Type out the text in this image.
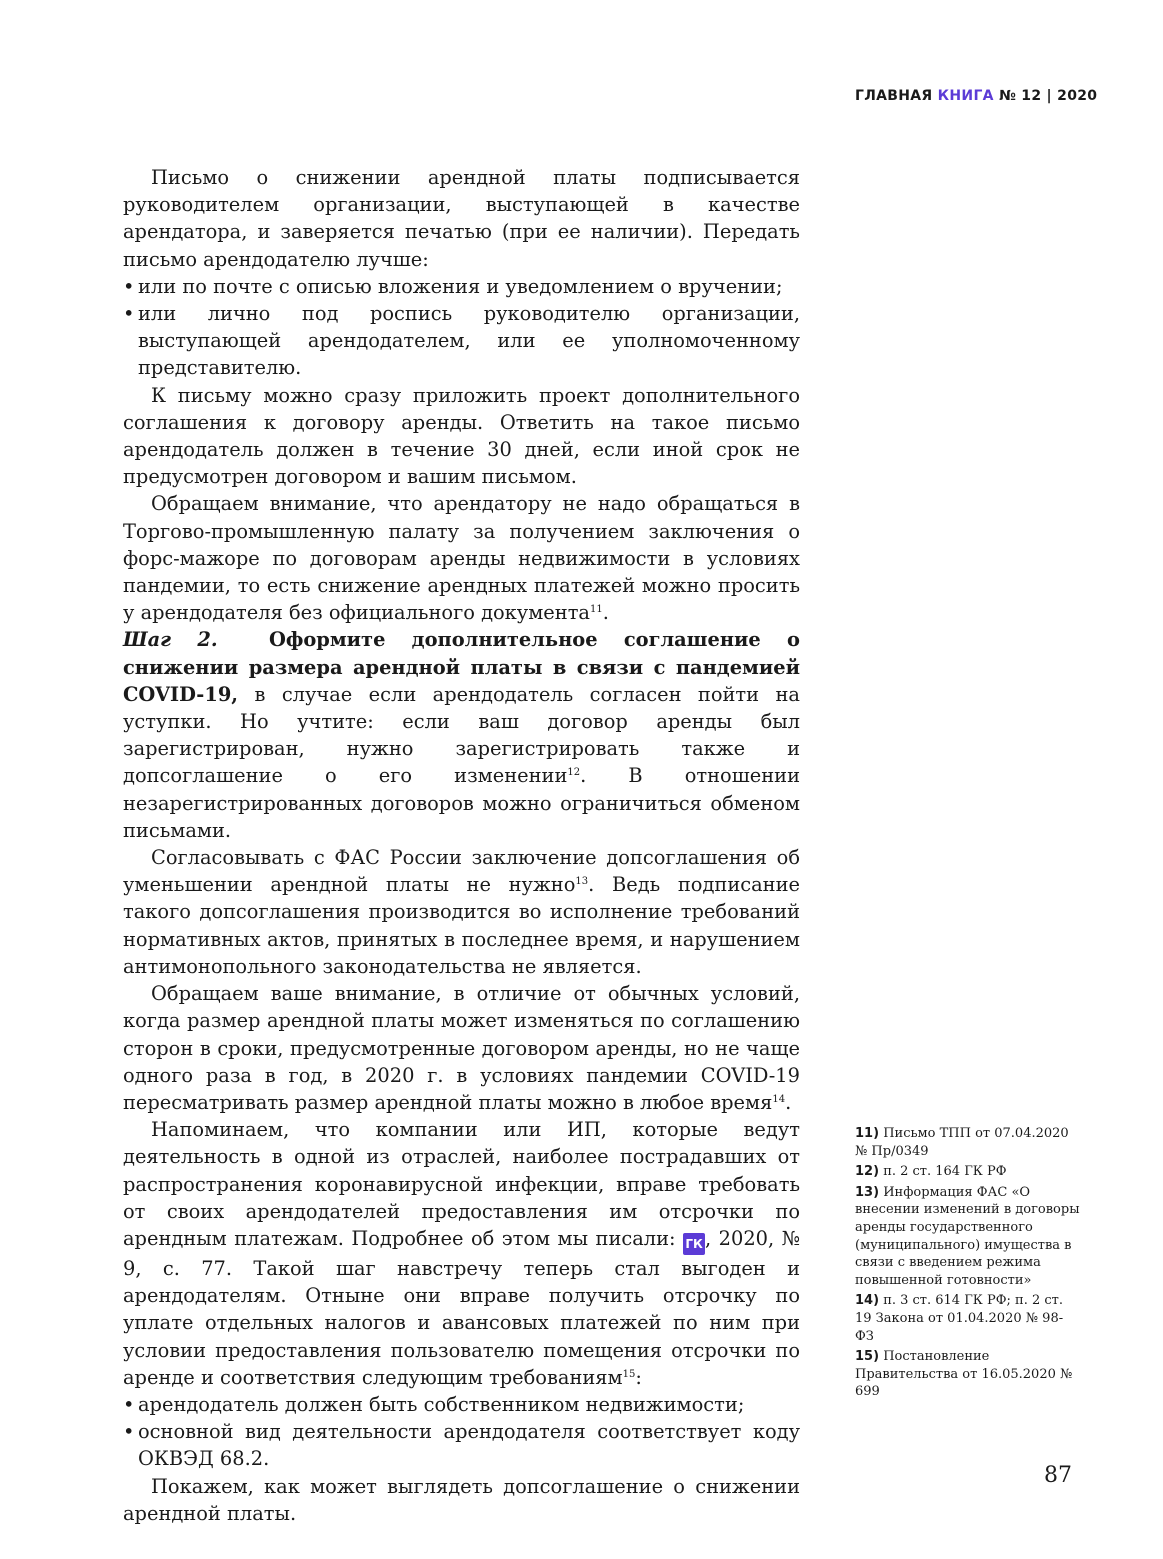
ГЛАВНАЯ КНИГА № 12 | 2020

Письмо о снижении арендной платы подписывается руководителем организации, выступающей в качестве арендатора, и заверяется печатью (при ее наличии). Передать письмо арендодателю лучше:

• или по почте с описью вложения и уведомлением о вручении;
• или лично под роспись руководителю организации, выступающей арендодателем, или ее уполномоченному представителю.

К письму можно сразу приложить проект дополнительного соглашения к договору аренды. Ответить на такое письмо арендодатель должен в течение 30 дней, если иной срок не предусмотрен договором и вашим письмом.

Обращаем внимание, что арендатору не надо обращаться в Торгово-промышленную палату за получением заключения о форс-мажоре по договорам аренды недвижимости в условиях пандемии, то есть снижение арендных платежей можно просить у арендодателя без официального документа$^{11}$.

Шаг 2.	Оформите дополнительное соглашение о снижении размера арендной платы в связи с пандемией COVID-19, в случае если арендодатель согласен пойти на уступки. Но учтите: если ваш договор аренды был зарегистрирован, нужно зарегистрировать также и допсоглашение о его изменении$^{12}$. В отношении незарегистрированных договоров можно ограничиться обменом письмами.

Согласовывать с ФАС России заключение допсоглашения об уменьшении арендной платы не нужно$^{13}$. Ведь подписание такого допсоглашения производится во исполнение требований нормативных актов, принятых в последнее время, и нарушением антимонопольного законодательства не является.

Обращаем ваше внимание, в отличие от обычных условий, когда размер арендной платы может изменяться по соглашению сторон в сроки, предусмотренные договором аренды, но не чаще одного раза в год, в 2020 г. в условиях пандемии COVID-19 пересматривать размер арендной платы можно в любое время$^{14}$.

Напоминаем, что компании или ИП, которые ведут деятельность в одной из отраслей, наиболее пострадавших от распространения коронавирусной инфекции, вправе требовать от своих арендодателей предоставления им отсрочки по арендным платежам. Подробнее об этом мы писали: ГК , 2020, № 9, с. 77. Такой шаг навстречу теперь стал выгоден и арендодателям. Отныне они вправе получить отсрочку по уплате отдельных налогов и авансовых платежей по ним при условии предоставления пользователю помещения отсрочки по аренде и соответствия следующим требованиям$^{15}$:

• арендодатель должен быть собственником недвижимости;
• основной вид деятельности арендодателя соответствует коду ОКВЭД 68.2.

Покажем, как может выглядеть допсоглашение о снижении арендной платы.

11) Письмо ТПП от 07.04.2020 № Пр/0349
12) п. 2 ст. 164 ГК РФ
13) Информация ФАС «О внесении изменений в договоры аренды государственного (муниципального) имущества в связи с введением режима повышенной готовности»
14) п. 3 ст. 614 ГК РФ; п. 2 ст. 19 Закона от 01.04.2020 № 98-ФЗ
15) Постановление Правительства от 16.05.2020 № 699
87
